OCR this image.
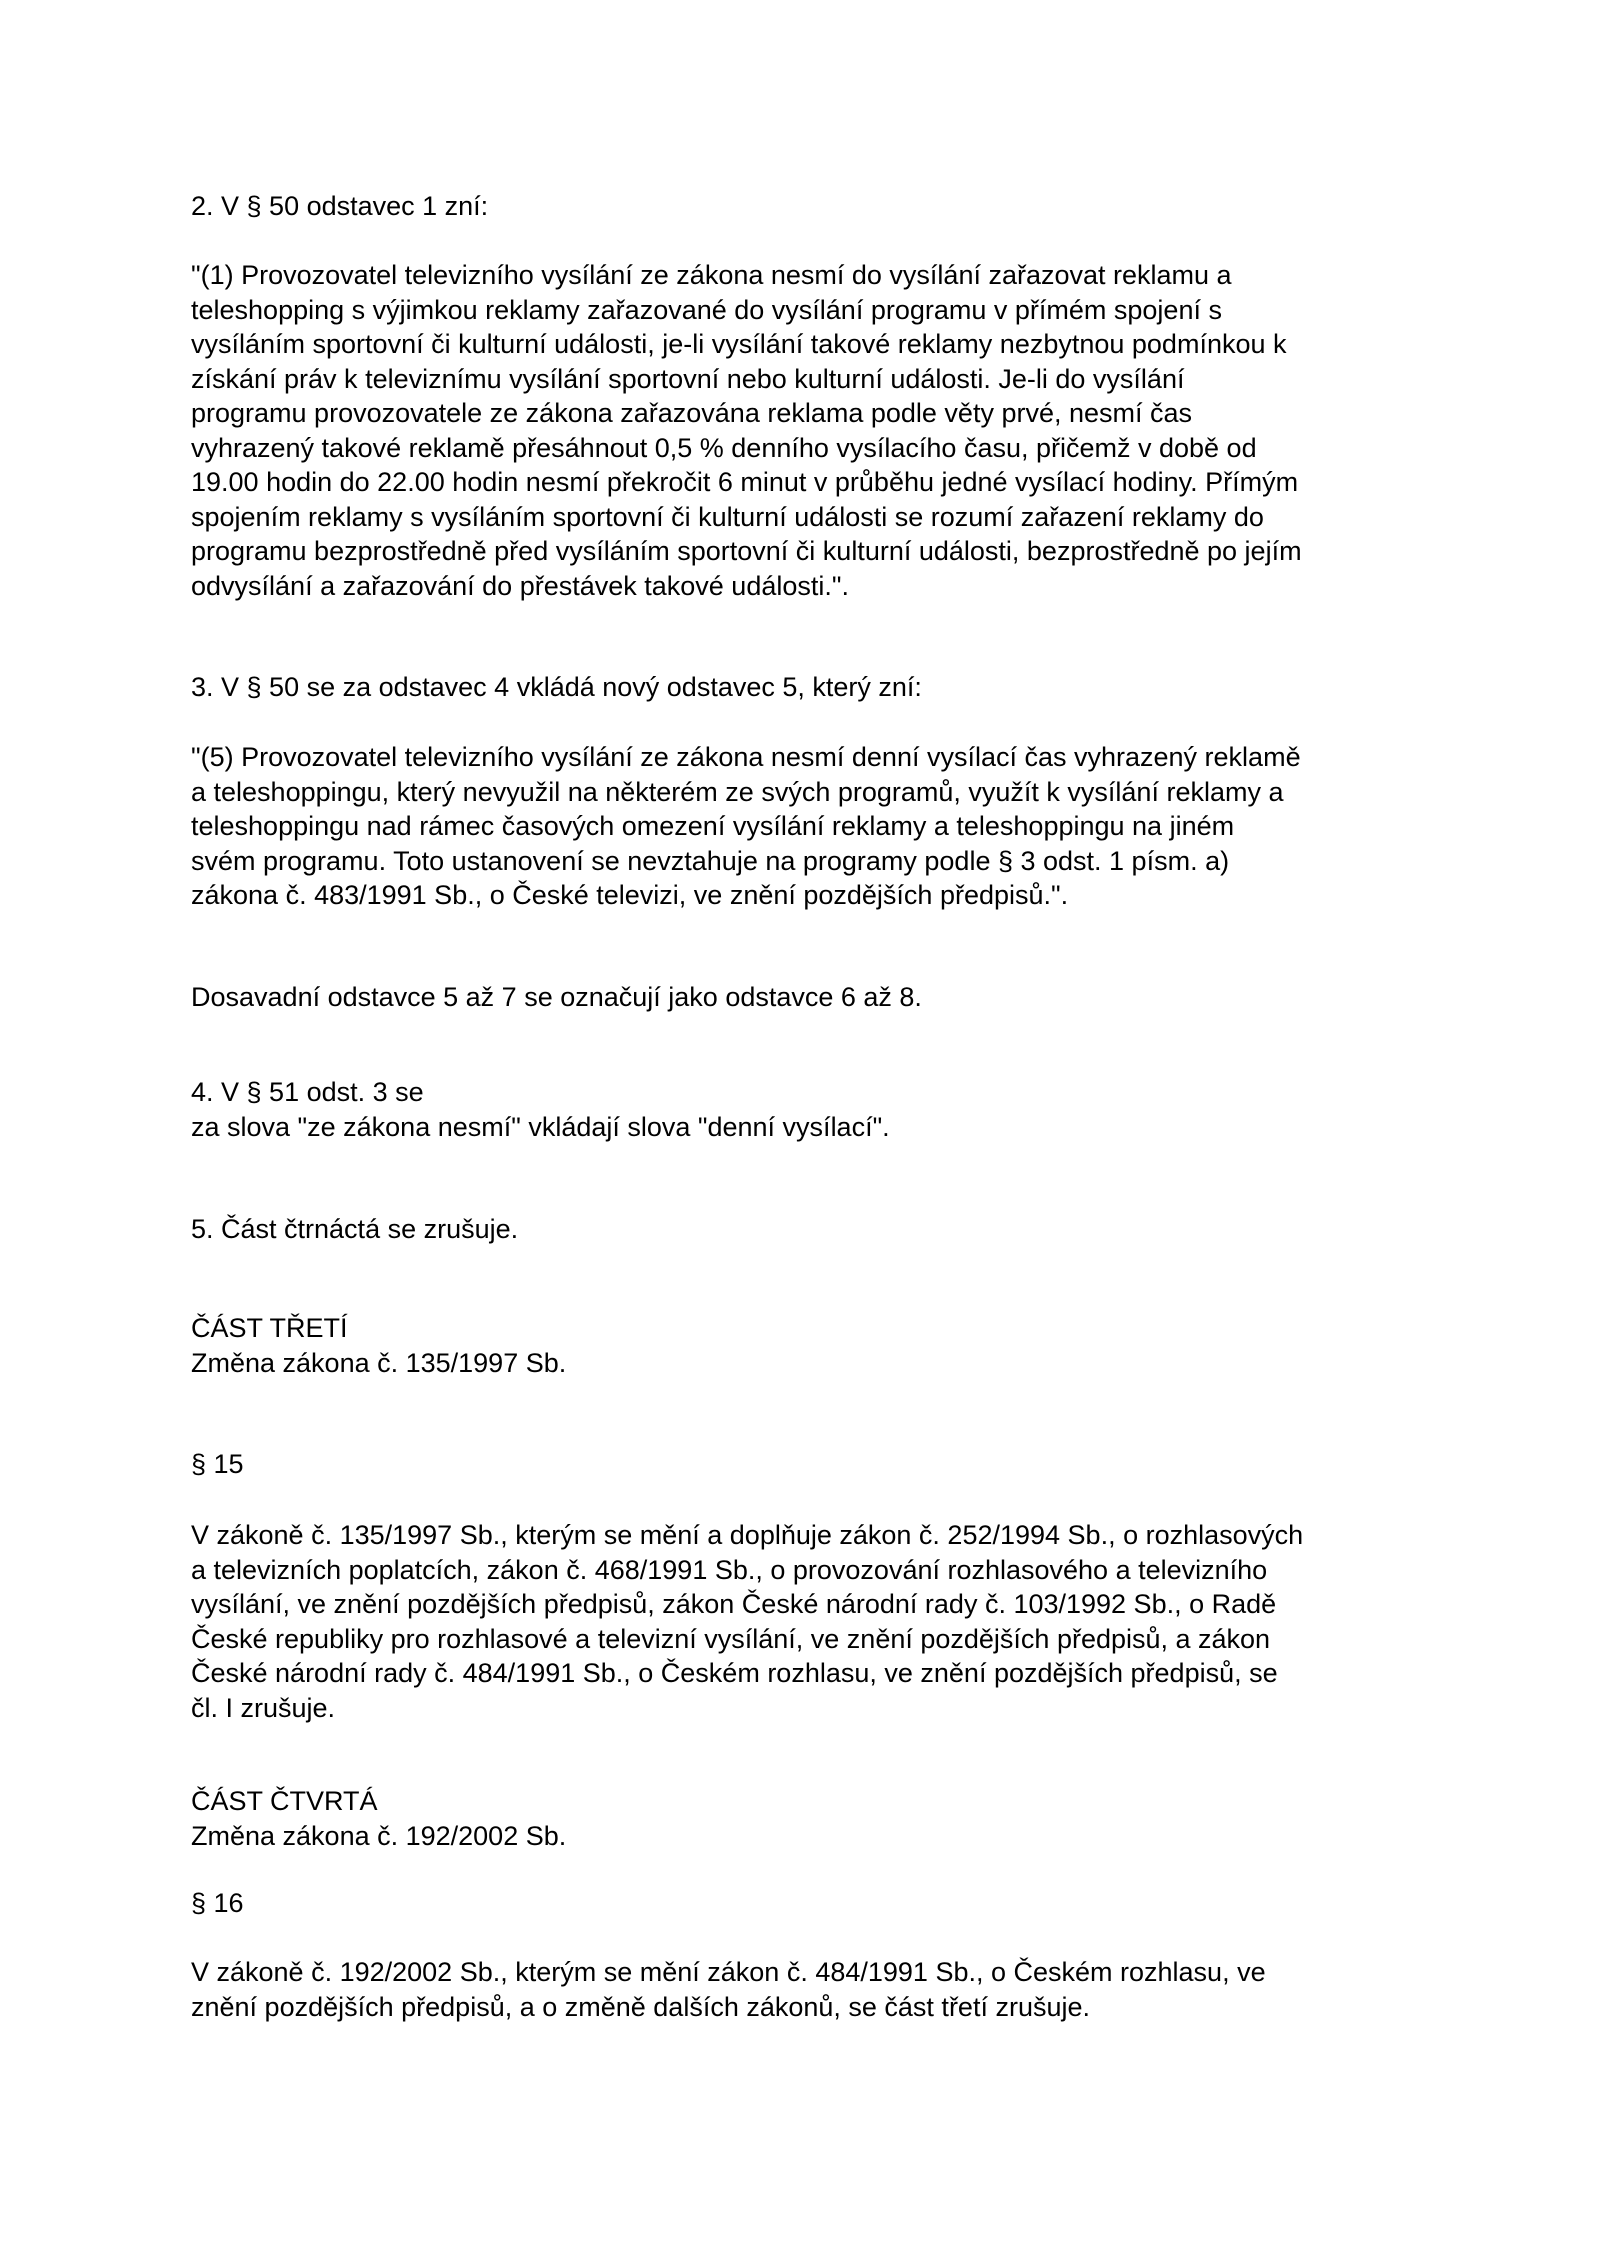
2. V § 50 odstavec 1 zní:

"(1) Provozovatel televizního vysílání ze zákona nesmí do vysílání zařazovat reklamu a
teleshopping s výjimkou reklamy zařazované do vysílání programu v přímém spojení s
vysíláním sportovní či kulturní události, je-li vysílání takové reklamy nezbytnou podmínkou k
získání práv k televiznímu vysílání sportovní nebo kulturní události. Je-li do vysílání
programu provozovatele ze zákona zařazována reklama podle věty prvé, nesmí čas
vyhrazený takové reklamě přesáhnout 0,5 % denního vysílacího času, přičemž v době od
19.00 hodin do 22.00 hodin nesmí překročit 6 minut v průběhu jedné vysílací hodiny. Přímým
spojením reklamy s vysíláním sportovní či kulturní události se rozumí zařazení reklamy do
programu bezprostředně před vysíláním sportovní či kulturní události, bezprostředně po jejím
odvysílání a zařazování do přestávek takové události.".

3. V § 50 se za odstavec 4 vkládá nový odstavec 5, který zní:

"(5) Provozovatel televizního vysílání ze zákona nesmí denní vysílací čas vyhrazený reklamě
a teleshoppingu, který nevyužil na některém ze svých programů, využít k vysílání reklamy a
teleshoppingu nad rámec časových omezení vysílání reklamy a teleshoppingu na jiném
svém programu. Toto ustanovení se nevztahuje na programy podle § 3 odst. 1 písm. a)
zákona č. 483/1991 Sb., o České televizi, ve znění pozdějších předpisů.".

Dosavadní odstavce 5 až 7 se označují jako odstavce 6 až 8.

4. V § 51 odst. 3 se
za slova "ze zákona nesmí" vkládají slova "denní vysílací".

5. Část čtrnáctá se zrušuje.

ČÁST TŘETÍ
Změna zákona č. 135/1997 Sb.

§ 15

V zákoně č. 135/1997 Sb., kterým se mění a doplňuje zákon č. 252/1994 Sb., o rozhlasových
a televizních poplatcích, zákon č. 468/1991 Sb., o provozování rozhlasového a televizního
vysílání, ve znění pozdějších předpisů, zákon České národní rady č. 103/1992 Sb., o Radě
České republiky pro rozhlasové a televizní vysílání, ve znění pozdějších předpisů, a zákon
České národní rady č. 484/1991 Sb., o Českém rozhlasu, ve znění pozdějších předpisů, se
čl. I zrušuje.

ČÁST ČTVRTÁ
Změna zákona č. 192/2002 Sb.

§ 16

V zákoně č. 192/2002 Sb., kterým se mění zákon č. 484/1991 Sb., o Českém rozhlasu, ve
znění pozdějších předpisů, a o změně dalších zákonů, se část třetí zrušuje.
